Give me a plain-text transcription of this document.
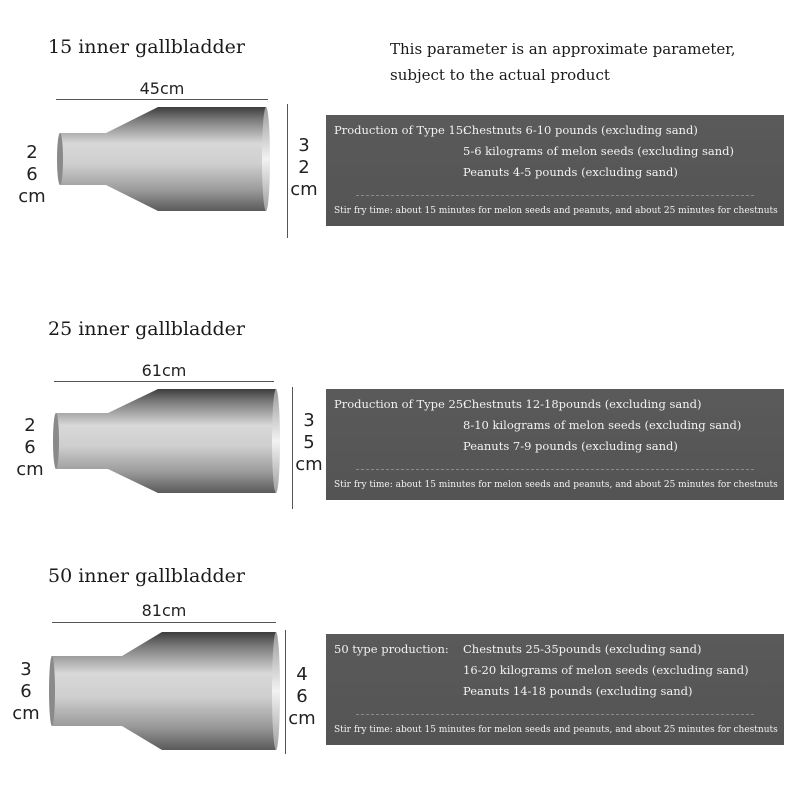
This parameter is an approximate parameter,
subject to the actual product
15 inner gallbladder
45cm
2
6
cm
3
2
cm
Production of Type 15:
Chestnuts 6-10 pounds (excluding sand)
5-6 kilograms of melon seeds (excluding sand)
Peanuts 4-5 pounds (excluding sand)
Stir fry time: about 15 minutes for melon seeds and peanuts, and about 25 minutes for chestnuts
25 inner gallbladder
61cm
2
6
cm
3
5
cm
Production of Type 25:
Chestnuts 12-18pounds (excluding sand)
8-10 kilograms of melon seeds (excluding sand)
Peanuts 7-9 pounds (excluding sand)
Stir fry time: about 15 minutes for melon seeds and peanuts, and about 25 minutes for chestnuts
50 inner gallbladder
81cm
3
6
cm
4
6
cm
50 type production: Chestnuts 25-35pounds (excluding sand)
16-20 kilograms of melon seeds (excluding sand)
Peanuts 14-18 pounds (excluding sand)
Stir fry time: about 15 minutes for melon seeds and peanuts, and about 25 minutes for chestnuts
